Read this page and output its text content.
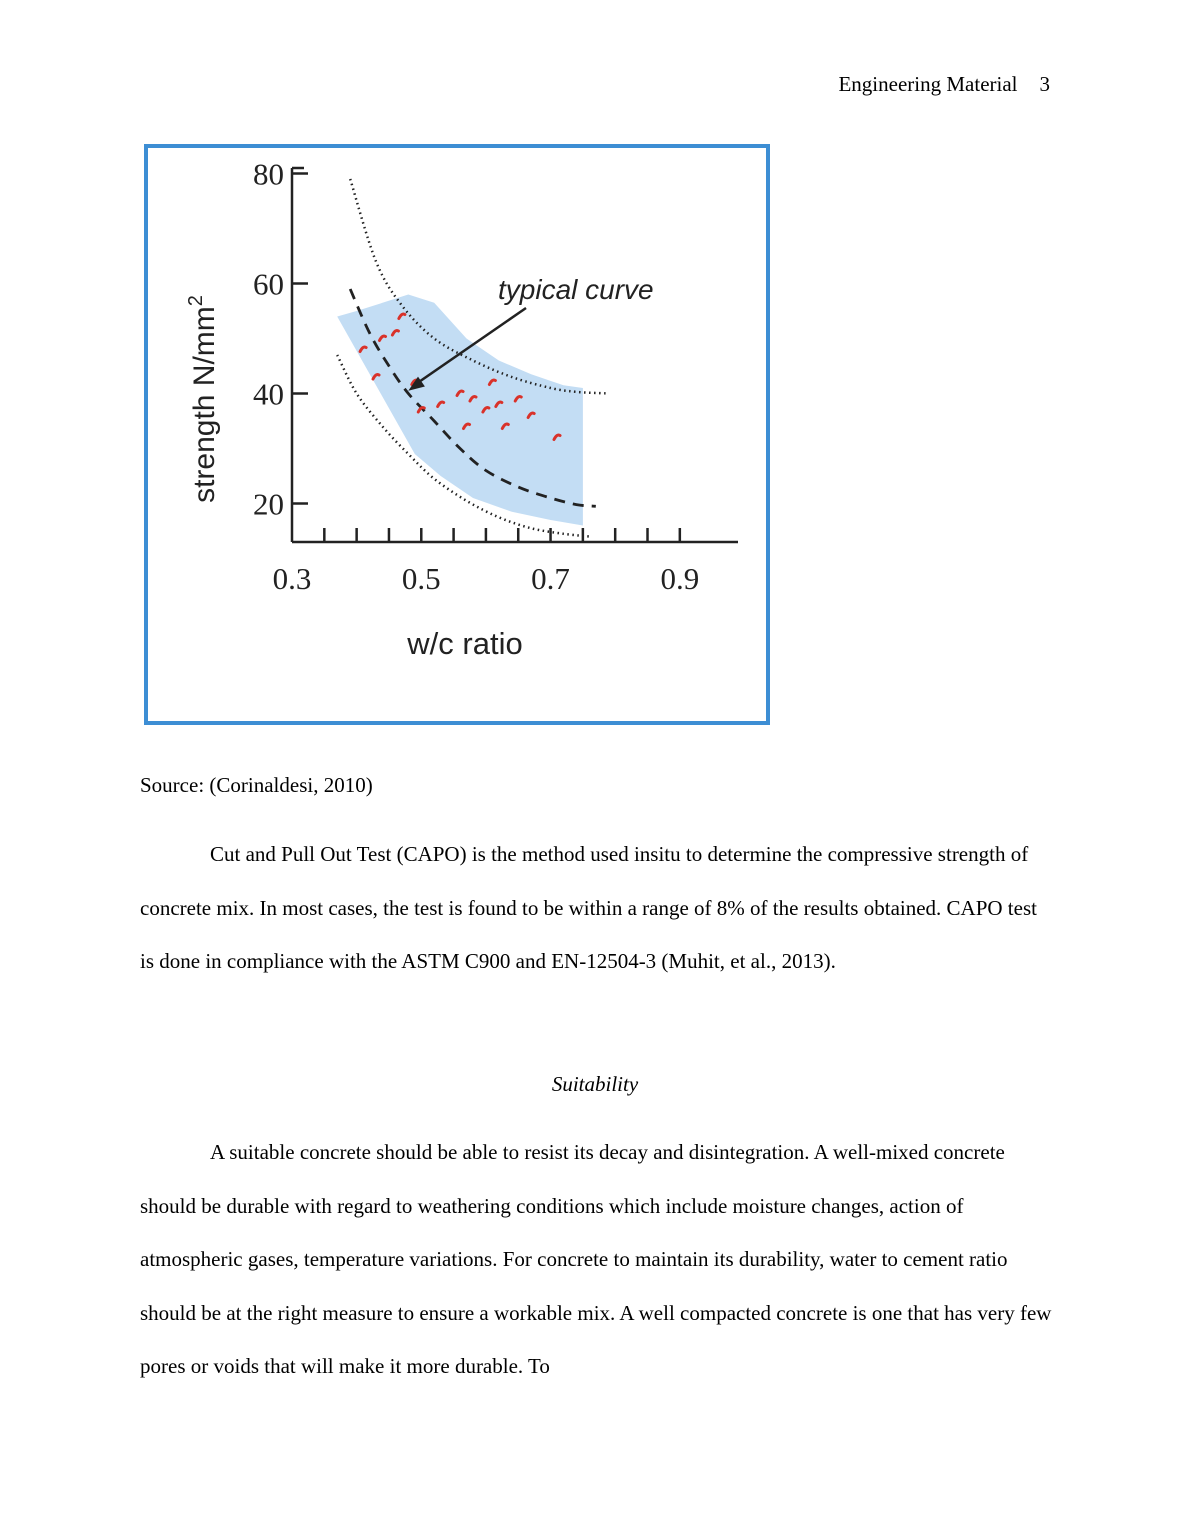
Engineering Material 3
20
40
60
80
0.3	0.5	0.7	0.9
w/c ratio
strength $N/mm^2$	typical curve
Source: (Corinaldesi, 2010)

Cut and Pull Out Test (CAPO) is the method used insitu to determine the compressive strength of concrete mix. In most cases, the test is found to be within a range of 8% of the results obtained. CAPO test is done in compliance with the ASTM C900 and EN-12504-3 (Muhit, et al., 2013).

Suitability

A suitable concrete should be able to resist its decay and disintegration. A well-mixed concrete should be durable with regard to weathering conditions which include moisture changes, action of atmospheric gases, temperature variations. For concrete to maintain its durability, water to cement ratio should be at the right measure to ensure a workable mix. A well compacted concrete is one that has very few pores or voids that will make it more durable. To
